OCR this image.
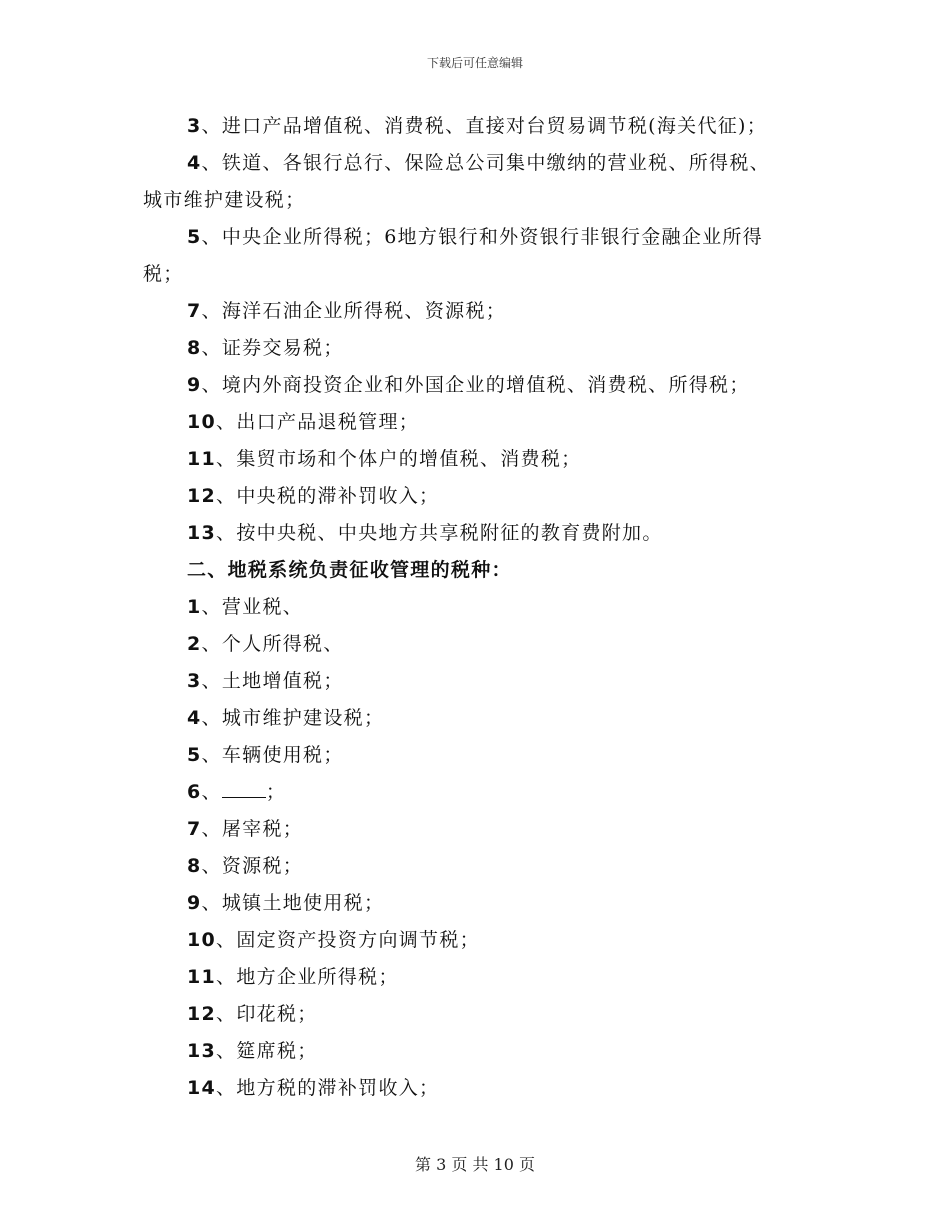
下载后可任意编辑
3、进口产品增值税、消费税、直接对台贸易调节税(海关代征)；
4、铁道、各银行总行、保险总公司集中缴纳的营业税、所得税、
城市维护建设税；
5、中央企业所得税；6地方银行和外资银行非银行金融企业所得
税；
7、海洋石油企业所得税、资源税；
8、证券交易税；
9、境内外商投资企业和外国企业的增值税、消费税、所得税；
10、出口产品退税管理；
11、集贸市场和个体户的增值税、消费税；
12、中央税的滞补罚收入；
13、按中央税、中央地方共享税附征的教育费附加。
二、地税系统负责征收管理的税种：
1、营业税、
2、个人所得税、
3、土地增值税；
4、城市维护建设税；
5、车辆使用税；
6、 ；
7、屠宰税；
8、资源税；
9、城镇土地使用税；
10、固定资产投资方向调节税；
11、地方企业所得税；
12、印花税；
13、筵席税；
14、地方税的滞补罚收入；
第 3 页 共 10 页
